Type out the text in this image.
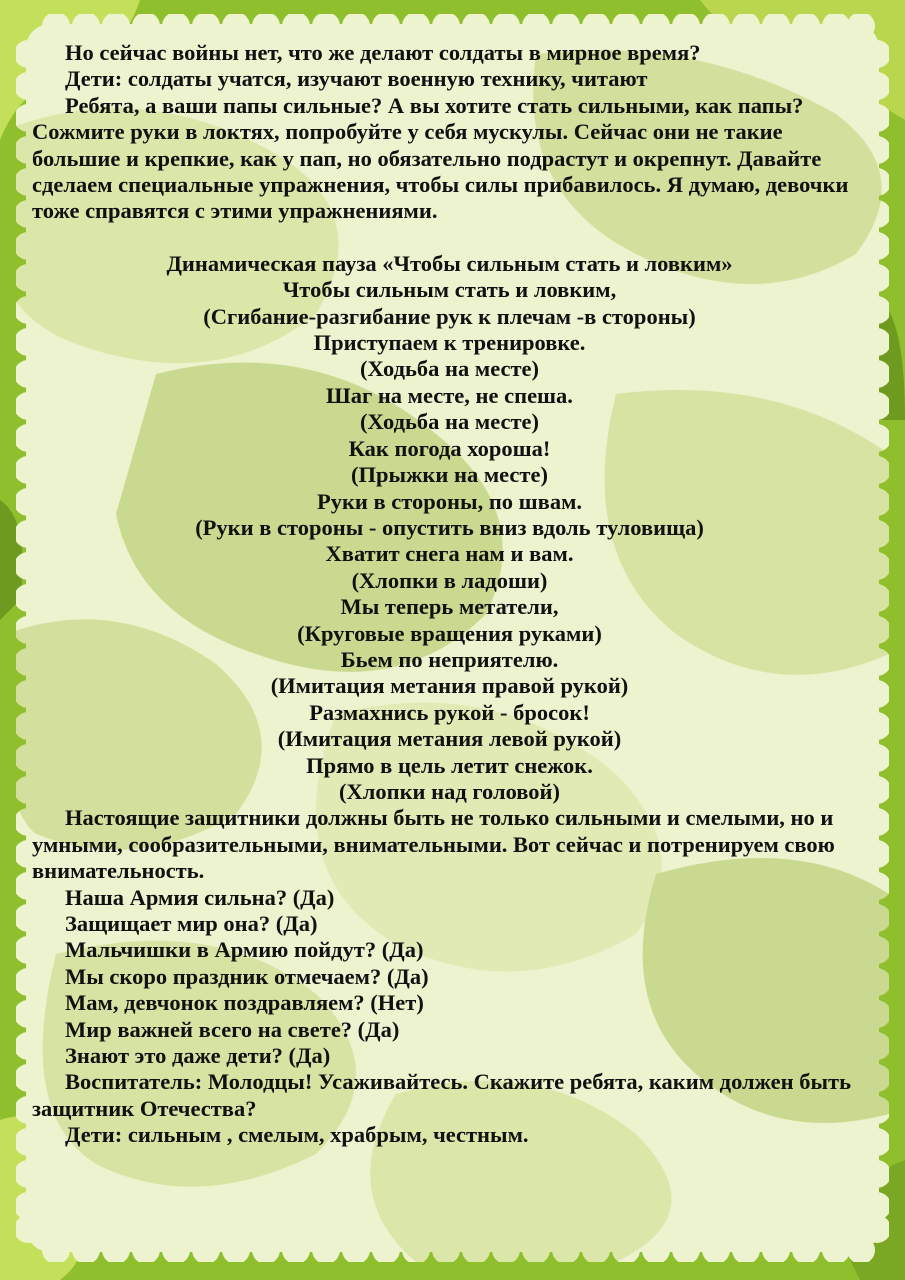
Но сейчас войны нет, что же делают солдаты в мирное время?

Дети: солдаты учатся, изучают военную технику, читают

Ребята, а ваши папы сильные? А вы хотите стать сильными, как папы? Сожмите руки в локтях, попробуйте у себя мускулы. Сейчас они не такие большие и крепкие, как у пап, но обязательно подрастут и окрепнут. Давайте сделаем специальные упражнения, чтобы силы прибавилось. Я думаю, девочки тоже справятся с этими упражнениями.

Динамическая пауза «Чтобы сильным стать и ловким»

Чтобы сильным стать и ловким,

(Сгибание-разгибание рук к плечам -в стороны)

Приступаем к тренировке.

(Ходьба на месте)

Шаг на месте, не спеша.

(Ходьба на месте)

Как погода хороша!

(Прыжки на месте)

Руки в стороны, по швам.

(Руки в стороны - опустить вниз вдоль туловища)

Хватит снега нам и вам.

(Хлопки в ладоши)

Мы теперь метатели,

(Круговые вращения руками)

Бьем по неприятелю.

(Имитация метания правой рукой)

Размахнись рукой - бросок!

(Имитация метания левой рукой)

Прямо в цель летит снежок.

(Хлопки над головой)

Настоящие защитники должны быть не только сильными и смелыми, но и умными, сообразительными, внимательными. Вот сейчас и потренируем свою внимательность.

Наша Армия сильна? (Да)

Защищает мир она? (Да)

Мальчишки в Армию пойдут? (Да)

Мы скоро праздник отмечаем? (Да)

Мам, девчонок поздравляем? (Нет)

Мир важней всего на свете? (Да)

Знают это даже дети? (Да)

Воспитатель: Молодцы! Усаживайтесь. Скажите ребята, каким должен быть защитник Отечества?

Дети: сильным , смелым, храбрым, честным.
